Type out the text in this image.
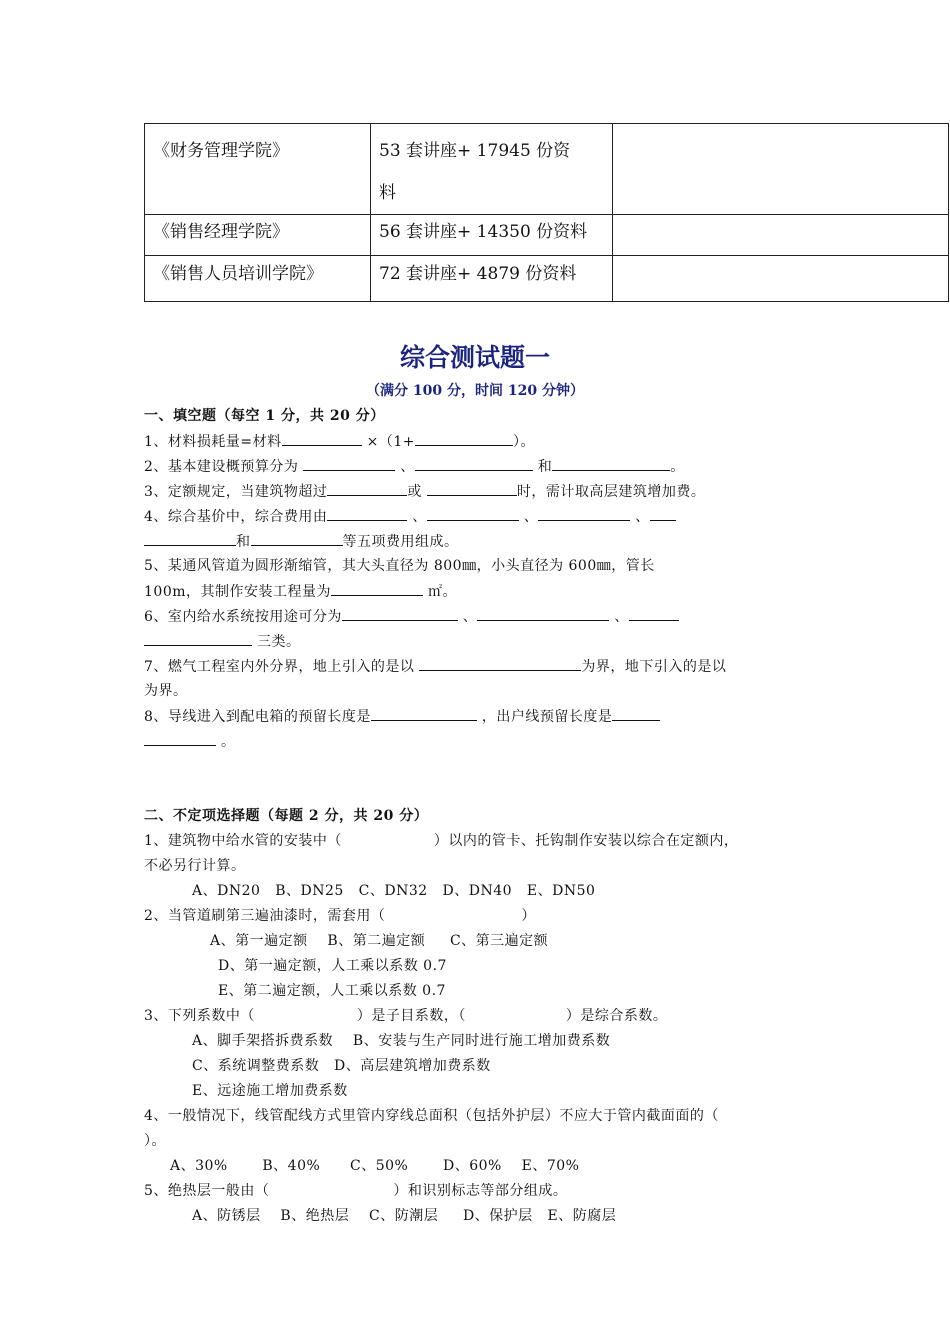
《财务管理学院》	53 套讲座+ 17945 份资
料	
《销售经理学院》	56 套讲座+ 14350 份资料	
《销售人员培训学院》	72 套讲座+ 4879 份资料	
综合测试题一
（满分 100 分，时间 120 分钟）
一、填空题（每空 1 分，共 20 分）
1、材料损耗量=材料	×（1+	）。
2、基本建设概预算分为	、	和	。
3、定额规定，当建筑物超过	或	时，需计取高层建筑增加费。
4、综合基价中，综合费用由	、	、	、
和	等五项费用组成。
5、某通风管道为圆形渐缩管，其大头直径为 800㎜，小头直径为 600㎜，管长
100m，其制作安装工程量为	㎡。
6、室内给水系统按用途可分为	、	、
三类。
7、燃气工程室内外分界，地上引入的是以	为界，地下引入的是以
为界。
8、导线进入到配电箱的预留长度是	，出户线预留长度是
。
二、不定项选择题（每题 2 分，共 20 分）
1、建筑物中给水管的安装中（	）以内的管卡、托钩制作安装以综合在定额内，
不必另行计算。
A、DN20   B、DN25   C、DN32   D、DN40   E、DN50
2、当管道刷第三遍油漆时，需套用（	）
A、第一遍定额    B、第二遍定额     C、第三遍定额
D、第一遍定额，人工乘以系数 0.7
E、第二遍定额，人工乘以系数 0.7
3、下列系数中（	）是子目系数，（	）是综合系数。
A、脚手架搭拆费系数    B、安装与生产同时进行施工增加费系数
C、系统调整费系数   D、高层建筑增加费系数
E、远途施工增加费系数
4、一般情况下，线管配线方式里管内穿线总面积（包括外护层）不应大于管内截面面的（
）。
A、30%       B、40%      C、50%       D、60%    E、70%
5、绝热层一般由（	）和识别标志等部分组成。
A、防锈层    B、绝热层    C、防潮层     D、保护层   E、防腐层
